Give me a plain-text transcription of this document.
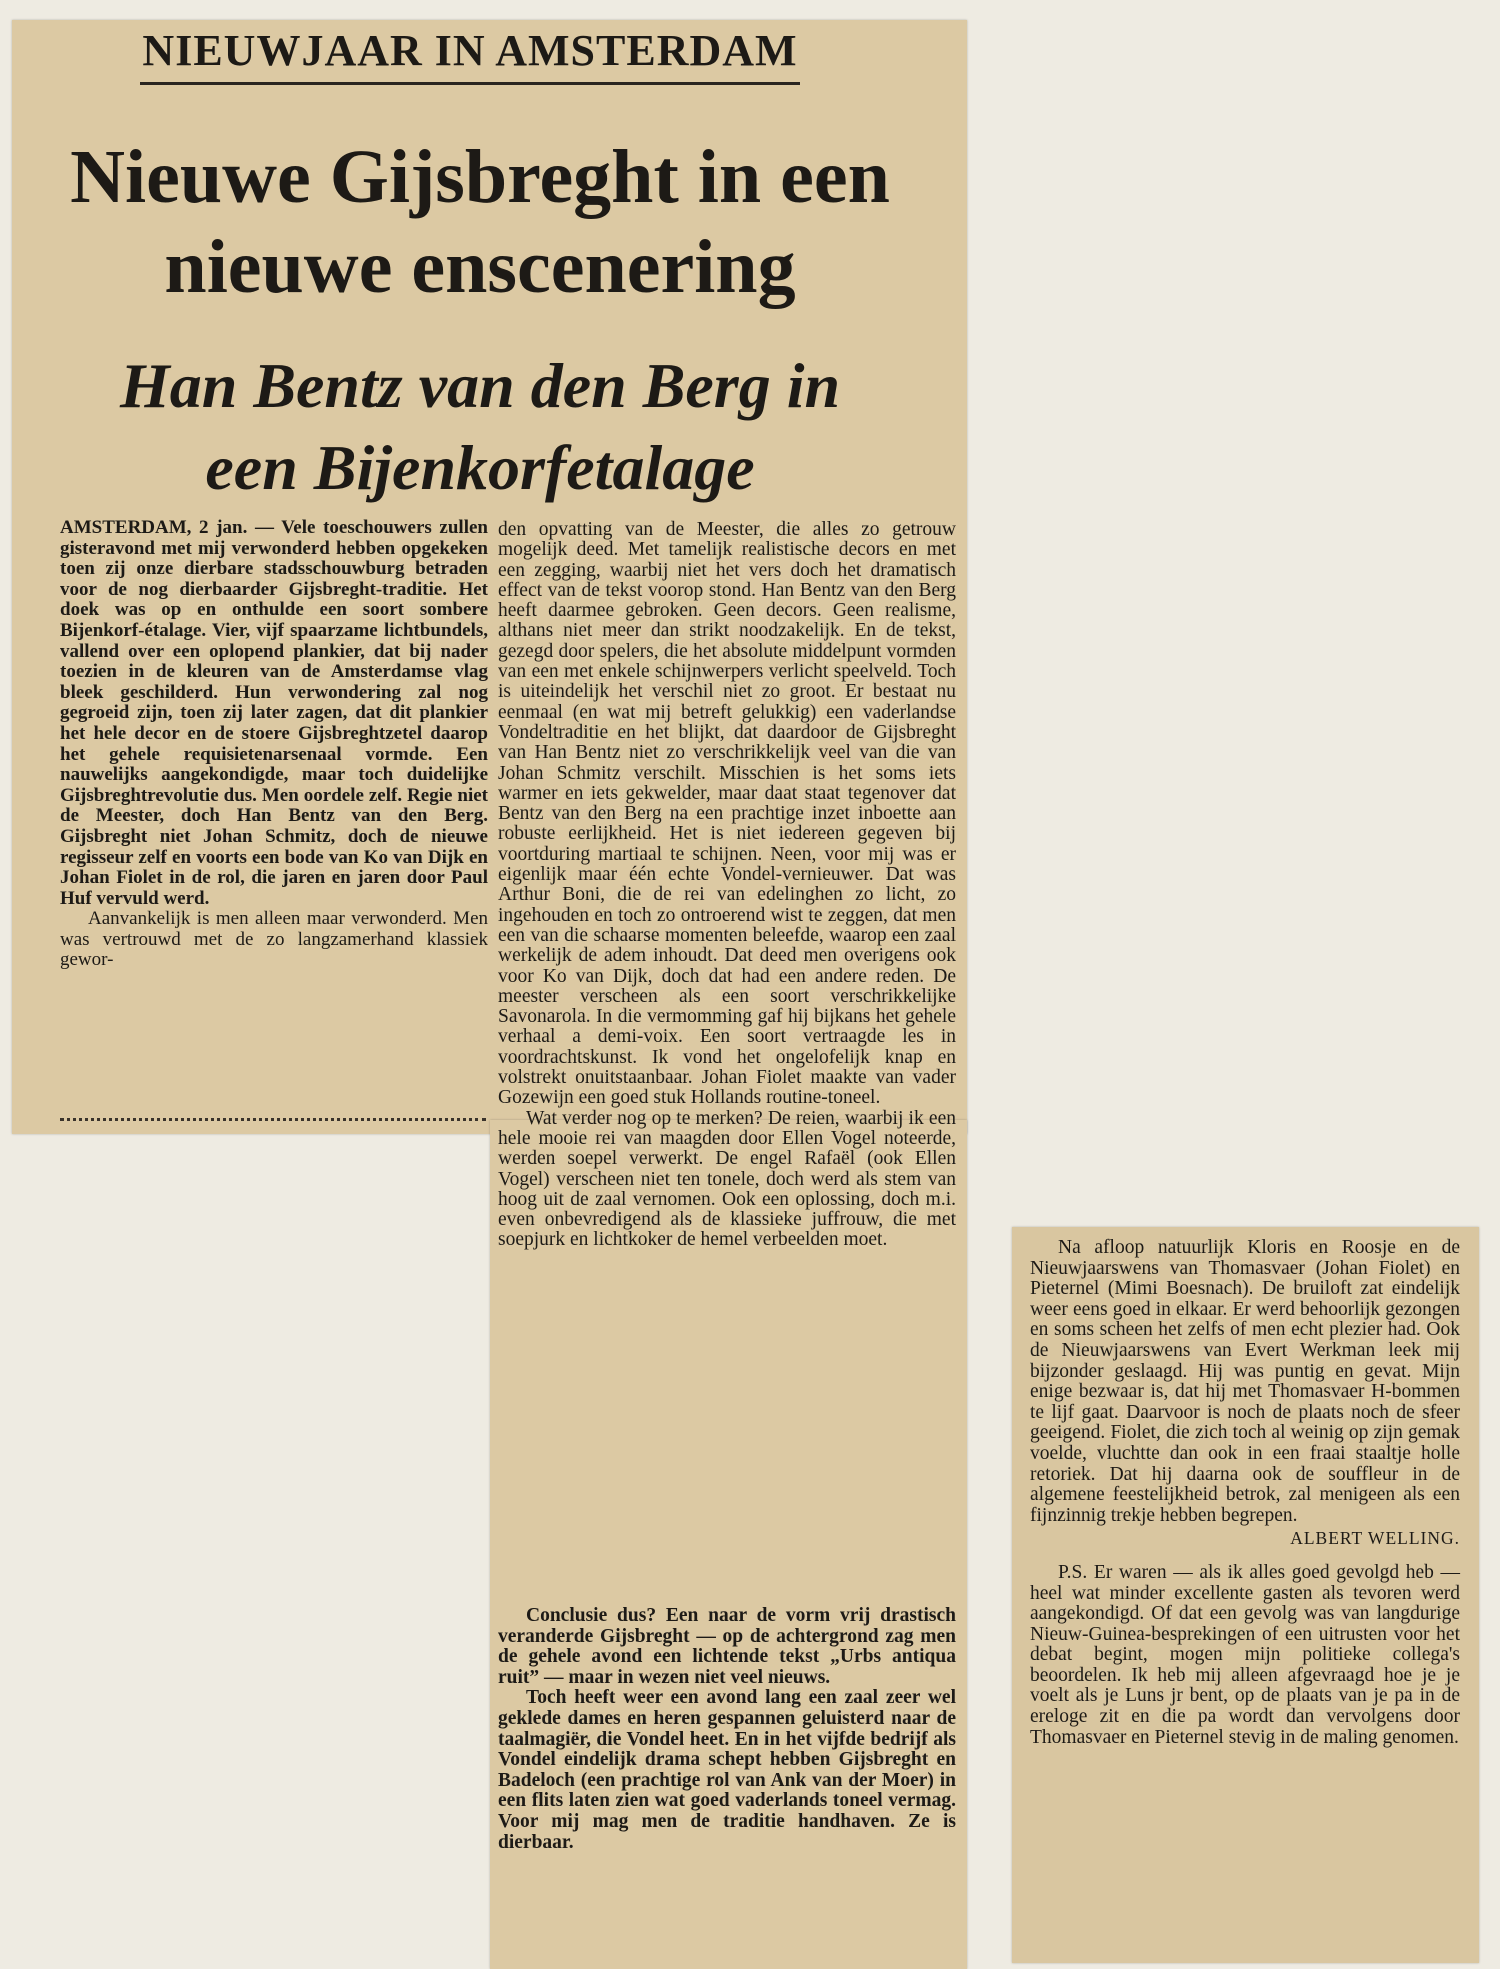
NIEUWJAAR IN AMSTERDAM
Nieuwe Gijsbreght in een
nieuwe enscenering
Han Bentz van den Berg in
een Bijenkorfetalage

AMSTERDAM, 2 jan. — Vele toeschouwers zullen gisteravond met mij verwonderd hebben opgekeken toen zij onze dierbare stadsschouwburg betraden voor de nog dierbaarder Gijsbreght-traditie. Het doek was op en onthulde een soort sombere Bijenkorf-étalage. Vier, vijf spaarzame lichtbundels, vallend over een oplopend plankier, dat bij nader toezien in de kleuren van de Amsterdamse vlag bleek geschilderd. Hun verwondering zal nog gegroeid zijn, toen zij later zagen, dat dit plankier het hele decor en de stoere Gijsbreghtzetel daarop het gehele requisietenarsenaal vormde. Een nauwelijks aangekondigde, maar toch duidelijke Gijsbreghtrevolutie dus. Men oordele zelf. Regie niet de Meester, doch Han Bentz van den Berg. Gijsbreght niet Johan Schmitz, doch de nieuwe regisseur zelf en voorts een bode van Ko van Dijk en Johan Fiolet in de rol, die jaren en jaren door Paul Huf vervuld werd.

Aanvankelijk is men alleen maar verwonderd. Men was vertrouwd met de zo langzamerhand klassiek gewor-

den opvatting van de Meester, die alles zo getrouw mogelijk deed. Met tamelijk realistische decors en met een zegging, waarbij niet het vers doch het dramatisch effect van de tekst voorop stond. Han Bentz van den Berg heeft daarmee gebroken. Geen decors. Geen realisme, althans niet meer dan strikt noodzakelijk. En de tekst, gezegd door spelers, die het absolute middelpunt vormden van een met enkele schijnwerpers verlicht speelveld. Toch is uiteindelijk het verschil niet zo groot. Er bestaat nu eenmaal (en wat mij betreft gelukkig) een vaderlandse Vondeltraditie en het blijkt, dat daardoor de Gijsbreght van Han Bentz niet zo verschrikkelijk veel van die van Johan Schmitz verschilt. Misschien is het soms iets warmer en iets gekwelder, maar daat staat tegenover dat Bentz van den Berg na een prachtige inzet inboette aan robuste eerlijkheid. Het is niet iedereen gegeven bij voortduring martiaal te schijnen. Neen, voor mij was er eigenlijk maar één echte Vondel-vernieuwer. Dat was Arthur Boni, die de rei van edelinghen zo licht, zo ingehouden en toch zo ontroerend wist te zeggen, dat men een van die schaarse momenten beleefde, waarop een zaal werkelijk de adem inhoudt. Dat deed men overigens ook voor Ko van Dijk, doch dat had een andere reden. De meester verscheen als een soort verschrikkelijke Savonarola. In die vermomming gaf hij bijkans het gehele verhaal a demi-voix. Een soort vertraagde les in voordrachtskunst. Ik vond het ongelofelijk knap en volstrekt onuitstaanbaar. Johan Fiolet maakte van vader Gozewijn een goed stuk Hollands routine-toneel.

Wat verder nog op te merken? De reien, waarbij ik een hele mooie rei van maagden door Ellen Vogel noteerde, werden soepel verwerkt. De engel Rafaël (ook Ellen Vogel) verscheen niet ten tonele, doch werd als stem van hoog uit de zaal vernomen. Ook een oplossing, doch m.i. even onbevredigend als de klassieke juffrouw, die met soepjurk en lichtkoker de hemel verbeelden moet.

Conclusie dus? Een naar de vorm vrij drastisch veranderde Gijsbreght — op de achtergrond zag men de gehele avond een lichtende tekst „Urbs antiqua ruit” — maar in wezen niet veel nieuws.

Toch heeft weer een avond lang een zaal zeer wel geklede dames en heren gespannen geluisterd naar de taalmagiër, die Vondel heet. En in het vijfde bedrijf als Vondel eindelijk drama schept hebben Gijsbreght en Badeloch (een prachtige rol van Ank van der Moer) in een flits laten zien wat goed vaderlands toneel vermag. Voor mij mag men de traditie handhaven. Ze is dierbaar.

Na afloop natuurlijk Kloris en Roosje en de Nieuwjaarswens van Thomasvaer (Johan Fiolet) en Pieternel (Mimi Boesnach). De bruiloft zat eindelijk weer eens goed in elkaar. Er werd behoorlijk gezongen en soms scheen het zelfs of men echt plezier had. Ook de Nieuwjaarswens van Evert Werkman leek mij bijzonder geslaagd. Hij was puntig en gevat. Mijn enige bezwaar is, dat hij met Thomasvaer H-bommen te lijf gaat. Daarvoor is noch de plaats noch de sfeer geeigend. Fiolet, die zich toch al weinig op zijn gemak voelde, vluchtte dan ook in een fraai staaltje holle retoriek. Dat hij daarna ook de souffleur in de algemene feestelijkheid betrok, zal menigeen als een fijnzinnig trekje hebben begrepen.

ALBERT WELLING.

P.S. Er waren — als ik alles goed gevolgd heb — heel wat minder excellente gasten als tevoren werd aangekondigd. Of dat een gevolg was van langdurige Nieuw-Guinea-besprekingen of een uitrusten voor het debat begint, mogen mijn politieke collega's beoordelen. Ik heb mij alleen afgevraagd hoe je je voelt als je Luns jr bent, op de plaats van je pa in de ereloge zit en die pa wordt dan vervolgens door Thomasvaer en Pieternel stevig in de maling genomen.
